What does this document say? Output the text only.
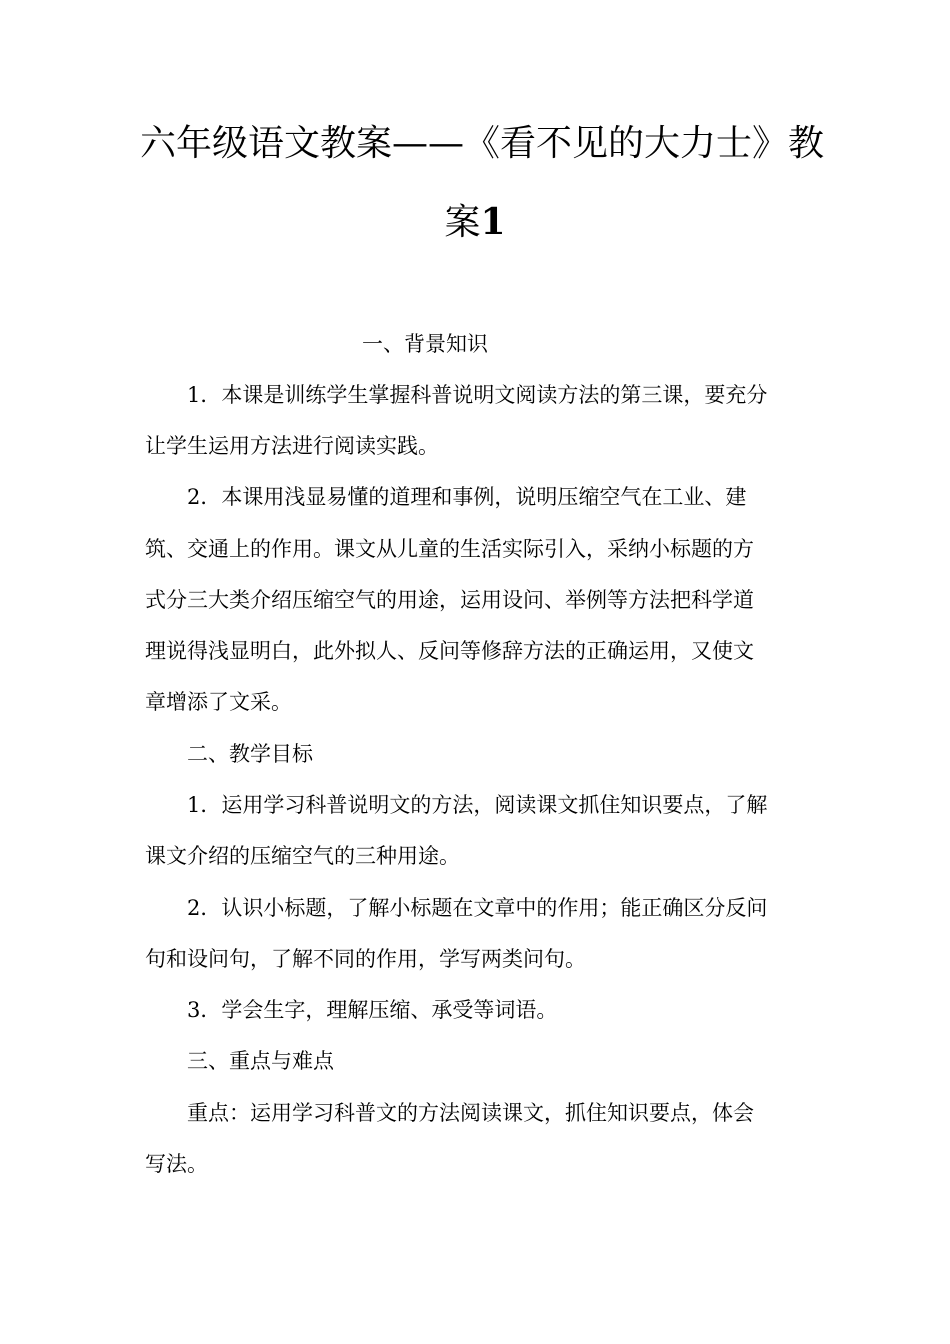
六年级语文教案——《看不见的大力士》教
案1
一、背景知识
1．本课是训练学生掌握科普说明文阅读方法的第三课，要充分
让学生运用方法进行阅读实践。
2．本课用浅显易懂的道理和事例，说明压缩空气在工业、建
筑、交通上的作用。课文从儿童的生活实际引入，采纳小标题的方
式分三大类介绍压缩空气的用途，运用设问、举例等方法把科学道
理说得浅显明白，此外拟人、反问等修辞方法的正确运用，又使文
章增添了文采。
二、教学目标
1．运用学习科普说明文的方法，阅读课文抓住知识要点，了解
课文介绍的压缩空气的三种用途。
2．认识小标题，了解小标题在文章中的作用；能正确区分反问
句和设问句，了解不同的作用，学写两类问句。
3．学会生字，理解压缩、承受等词语。
三、重点与难点
重点：运用学习科普文的方法阅读课文，抓住知识要点，体会
写法。
